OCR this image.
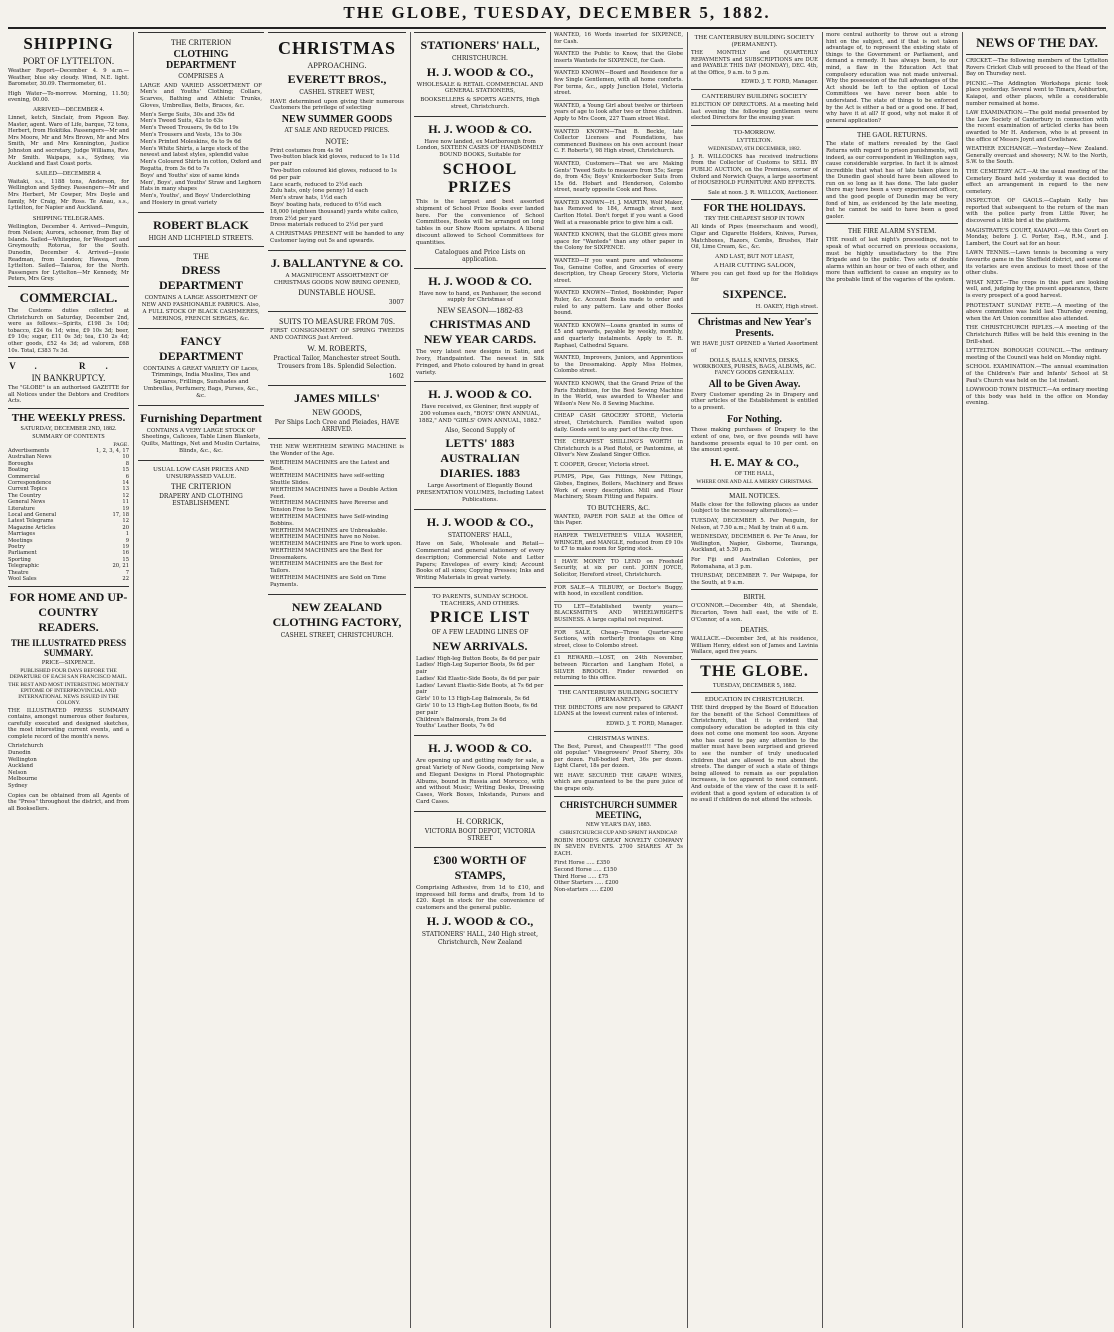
THE GLOBE, TUESDAY, DECEMBER 5, 1882.
SHIPPING
PORT OF LYTTELTON.
Weather Report—December 4. 9 a.m.—Weather, blue sky cloudy. Wind, N.E. light. Barometer, 30.09. Thermometer, 61.
High Water—To-morrow. Morning, 11.50; evening, 00.00.
ARRIVED—DECEMBER 4.
Linnet, ketch, Sinclair, from Pigeon Bay. Master, agent. Waro of Life, barque, 72 tons, Herbert, from Hokitika. Passengers—Mr and Mrs Moore, Mr and Mrs Brown, Mr and Mrs Smith, Mr and Mrs Kennington, Justice Johnston and secretary, Judge Williams, Rev. Mr Smith. Waipapa, s.s., Sydney, via Auckland and East Coast ports.
SAILED—DECEMBER 4.
Waitaki, s.s., 1188 tons, Anderson, for Wellington and Sydney. Passengers—Mr and Mrs Herbert, Mr Cowper, Mrs Doyle and family, Mr Craig, Mr Ross. Te Anau, s.s., Lyttelton, for Napier and Auckland.
SHIPPING TELEGRAMS.
Wellington, December 4. Arrived—Penguin, from Nelson; Aurora, schooner, from Bay of Islands. Sailed—Whitepine, for Westport and Greymouth; Rotorua, for the South. Dunedin, December 4. Arrived—Jessie Readman, from London; Hawea, from Lyttelton. Sailed—Taiaroa, for the North. Passengers for Lyttelton—Mr Kennedy, Mr Peters, Mrs Grey.
COMMERCIAL.
The Customs duties collected at Christchurch on Saturday, December 2nd, were as follows:—Spirits, £198 3s 10d; tobacco, £24 6s 1d; wine, £9 10s 3d; beer, £9 10s; sugar, £11 0s 3d; tea, £10 2s 4d; other goods, £52 4s 3d; ad valorem, £68 10s. Total, £383 7s 3d.
V. R.
IN BANKRUPTCY.
The "GLOBE" is an authorised GAZETTE for all Notices under the Debtors and Creditors Acts.
THE WEEKLY PRESS.
SATURDAY, DECEMBER 2ND, 1882.
SUMMARY OF CONTENTS
PAGE.
Advertisements	1, 2, 3, 4, 17
Australian News	10
Boroughs	8
Boating	15
Commercial	6
Correspondence	14
Current Topics	13
The Country	12
General News	11
Literature	19
Local and General	17, 18
Latest Telegrams	12
Magazine Articles	20
Marriages	1
Meetings	9
Poetry	19
Parliament	16
Sporting	15
Telegraphic	20, 21
Theatre	7
Wool Sales	22
FOR HOME AND UP-COUNTRY READERS.
THE ILLUSTRATED PRESS SUMMARY.
PRICE—SIXPENCE.
PUBLISHED FOUR DAYS BEFORE THE DEPARTURE OF EACH SAN FRANCISCO MAIL.
THE BEST AND MOST INTERESTING MONTHLY EPITOME OF INTERPROVINCIAL AND INTERNATIONAL NEWS ISSUED IN THE COLONY.
THE ILLUSTRATED PRESS SUMMARY contains, amongst numerous other features, carefully executed and designed sketches, the most interesting current events, and a complete record of the month's news.
Christchurch
Dunedin
Wellington
Auckland
Nelson
Melbourne
Sydney
Copies can be obtained from all Agents of the "Press" throughout the district, and from all Booksellers.
THE CRITERION
CLOTHING DEPARTMENT
COMPRISES A
LARGE AND VARIED ASSORTMENT OF Men's and Youths' Clothing; Collars, Scarves, Bathing and Athletic Trunks, Gloves, Umbrellas, Belts, Braces, &c.
Men's Serge Suits, 30s and 35s 6d
Men's Tweed Suits, 42s to 63s
Men's Tweed Trousers, 9s 6d to 19s
Men's Trousers and Vests, 15s to 30s
Men's Printed Moleskins, 6s to 9s 6d
Men's White Shirts, a large stock of the newest and latest styles, splendid value
Men's Coloured Shirts in cotton, Oxford and Regatta, from 3s 6d to 7s
Boys' and Youths' size of same kinds
Men', Boys', and Youths' Straw and Leghorn Hats in many shapes
Men's, Youths', and Boys' Underclothing and Hosiery in great variety
ROBERT BLACK
HIGH AND LICHFIELD STREETS.
THE
DRESS DEPARTMENT
CONTAINS A LARGE ASSORTMENT OF NEW AND FASHIONABLE FABRICS. Also, A FULL STOCK OF BLACK CASHMERES, MERINOS, FRENCH SERGES, &c.
FANCY DEPARTMENT
CONTAINS A GREAT VARIETY OF Laces, Trimmings, India Muslins, Ties and Squares, Frillings, Sunshades and Umbrellas, Perfumery, Bags, Purses, &c., &c.
Furnishing Department
CONTAINS A VERY LARGE STOCK OF Sheetings, Calicoes, Table Linen Blankets, Quilts, Mattings, Net and Muslin Curtains, Blinds, &c., &c.
USUAL LOW CASH PRICES AND UNSURPASSED VALUE.
THE CRITERION
DRAPERY AND CLOTHING ESTABLISHMENT.
CHRISTMAS
APPROACHING.
EVERETT BROS.,
CASHEL STREET WEST,
HAVE determined upon giving their numerous Customers the privilege of selecting
NEW SUMMER GOODS
AT SALE AND REDUCED PRICES.
NOTE:
Print costumes from 4s 9d
Two-button black kid gloves, reduced to 1s 11d per pair
Two-button coloured kid gloves, reduced to 1s 6d per pair
Lace scarfs, reduced to 2½d each
Zulu hats, only (one penny) 1d each
Men's straw hats, 1½d each
Boys' boating hats, reduced to 6½d each
18,000 (eighteen thousand) yards white calico, from 2½d per yard
Dress materials reduced to 2½d per yard
A CHRISTMAS PRESENT will be handed to any Customer laying out 5s and upwards.
J. BALLANTYNE & CO.
A MAGNIFICENT ASSORTMENT OF CHRISTMAS GOODS NOW BRING OPENED,
DUNSTABLE HOUSE.
3007
SUITS TO MEASURE FROM 70S.
FIRST CONSIGNMENT OF SPRING TWEEDS AND COATINGS Just Arrived.
W. M. ROBERTS,
Practical Tailor, Manchester street South.
Trousers from 18s. Splendid Selection.
1602
JAMES MILLS'
NEW GOODS,
Per Ships Loch Cree and Pleiades, HAVE ARRIVED.
THE NEW WERTHEIM SEWING MACHINE is the Wonder of the Age.
WERTHEIM MACHINES are the Latest and Best.
WERTHEIM MACHINES have self-setting Shuttle Slides.
WERTHEIM MACHINES have a Double Action Feed.
WERTHEIM MACHINES have Reverse and Tension Free to Sew.
WERTHEIM MACHINES have Self-winding Bobbins.
WERTHEIM MACHINES are Unbreakable.
WERTHEIM MACHINES have no Noise.
WERTHEIM MACHINES are Fine to work upon.
WERTHEIM MACHINES are the Best for Dressmakers.
WERTHEIM MACHINES are the Best for Tailors.
WERTHEIM MACHINES are Sold on Time Payments.
NEW ZEALAND CLOTHING FACTORY,
CASHEL STREET, CHRISTCHURCH.
STATIONERS' HALL,
CHRISTCHURCH.
H. J. WOOD & CO.,
WHOLESALE & RETAIL COMMERCIAL AND GENERAL STATIONERS,
BOOKSELLERS & SPORTS AGENTS, High street, Christchurch.
H. J. WOOD & CO.
Have now landed, ex Marlborough from London, SIXTEEN CASES OF HANDSOMELY BOUND BOOKS, Suitable for
SCHOOL PRIZES
This is the largest and best assorted shipment of School Prize Books ever landed here. For the convenience of School Committees, Books will be arranged on long tables in our Show Room upstairs. A liberal discount allowed to School Committees for quantities.
Catalogues and Price Lists on application.
H. J. WOOD & CO.
Have now to hand, ex Panhauer, the second supply for Christmas of
NEW SEASON—1882-83
CHRISTMAS AND NEW YEAR CARDS.
The very latest new designs in Satin, and Ivory, Handpainted. The newest in Silk Fringed, and Photo coloured by hand in great variety.
H. J. WOOD & CO.
Have received, ex Gleniner, first supply of 200 volumes each, "BOYS' OWN ANNUAL, 1882," AND "GIRLS' OWN ANNUAL, 1882."
Also, Second Supply of
LETTS' 1883 AUSTRALIAN DIARIES. 1883
Large Assortment of Elegantly Bound PRESENTATION VOLUMES, Including Latest Publications.
H. J. WOOD & CO.,
STATIONERS' HALL,
Have on Sale, Wholesale and Retail—Commercial and general stationery of every description; Commercial Note and Letter Papers; Envelopes of every kind; Account Books of all sizes; Copying Presses; Inks and Writing Materials in great variety.
TO PARENTS, SUNDAY SCHOOL TEACHERS, AND OTHERS.
PRICE LIST
OF A FEW LEADING LINES OF
NEW ARRIVALS.
Ladies' High-leg Button Boots, 8s 6d per pair
Ladies' High-Leg Superior Boots, 9s 6d per pair
Ladies' Kid Elastic-Side Boots, 8s 6d per pair
Ladies' Levant Elastic-Side Boots, at 7s 6d per pair
Girls' 10 to 13 High-Leg Balmorals, 5s 6d
Girls' 10 to 13 High-Leg Button Boots, 6s 6d per pair
Children's Balmorals, from 3s 6d
Youths' Leather Boots, 7s 6d
H. J. WOOD & CO.
Are opening up and getting ready for sale, a great Variety of New Goods, comprising New and Elegant Designs in Floral Photographic Albums, bound in Russia and Morocco, with and without Music; Writing Desks, Dressing Cases, Work Boxes, Inkstands, Purses and Card Cases.
H. CORRICK,
VICTORIA BOOT DEPOT, VICTORIA STREET
£300 WORTH OF STAMPS,
Comprising Adhesive, from 1d to £10, and impressed bill forms and drafts, from 1d to £20. Kept in stock for the convenience of customers and the general public.
H. J. WOOD & CO.,
STATIONERS' HALL, 240 High street, Christchurch, New Zealand
WANTED, 16 Words inserted for SIXPENCE, for Cash.
WANTED the Public to Know, that the Globe inserts Wanteds for SIXPENCE, for Cash.
WANTED KNOWN—Board and Residence for a few Single Gentlemen, with all home comforts. For terms, &c., apply Junction Hotel, Victoria street.
WANTED, a Young Girl about twelve or thirteen years of age to look after two or three children. Apply to Mrs Coom, 227 Tuam street West.
WANTED KNOWN—That B. Beckle, late Collector Licenses and Foundations, has commenced Business on his own account (near C. F. Roberts'), 98 High street, Christchurch.
WANTED, Customers—That we are Making Gents' Tweed Suits to measure from 55s; Serge do, from 45s; Boys' Knickerbocker Suits from 15s 6d. Hobart and Henderson, Colombo street, nearly opposite Cook and Ross.
WANTED KNOWN—H. J. MARTIN, Wolf Maker, has Removed to 184, Armagh street, next Carlton Hotel. Don't forget if you want a Good Well at a reasonable price to give him a call.
WANTED KNOWN, that the GLOBE gives more space for "Wanteds" than any other paper in the Colony for SIXPENCE.
WANTED—If you want pure and wholesome Tea, Genuine Coffee, and Groceries of every description, try Cheap Grocery Store, Victoria street.
WANTED KNOWN—Tinted, Bookbinder, Paper Ruler, &c. Account Books made to order and ruled to any pattern. Law and other Books bound.
WANTED KNOWN—Loans granted in sums of £5 and upwards, payable by weekly, monthly, and quarterly instalments. Apply to E. R. Raphael, Cathedral Square.
WANTED, Improvers, Juniors, and Apprentices to the Dressmaking. Apply Miss Holmes, Colombo street.
WANTED KNOWN, that the Grand Prize of the Paris Exhibition, for the Best Sewing Machine in the World, was awarded to Wheeler and Wilson's New No. 8 Sewing Machine.
CHEAP CASH GROCERY STORE, Victoria street, Christchurch. Families waited upon daily. Goods sent to any part of the city free.
THE CHEAPEST SHILLING'S WORTH in Christchurch is a Pied Rotol, or Pantomime, at Oliver's New Zealand Singer Office.
T. COOPER, Grocer, Victoria street.
PUMPS, Pipe, Gas Fittings, New Fittings, Globes, Engines, Boilers, Machinery and Brass Work of every description. Mill and Flour Machinery, Steam Fitting and Repairs.
TO BUTCHERS, &C.
WANTED, PAPER FOR SALE at the Office of this Paper.
HARPER TWELVETREE'S VILLA WASHER, WRINGER, and MANGLE, reduced from £9 10s to £7 to make room for Spring stock.
I HAVE MONEY TO LEND on Freehold Security, at six per cent. JOHN JOYCE, Solicitor, Hereford street, Christchurch.
FOR SALE—A TILBURY, or Doctor's Buggy, with hood, in excellent condition.
TO LET—Established twenty years—BLACKSMITH'S AND WHEELWRIGHT'S BUSINESS. A large capital not required.
FOR SALE, Cheap—Three Quarter-acre Sections, with northerly frontages on King street, close to Colombo street.
£1 REWARD.—LOST, on 24th November, between Riccarton and Langham Hotel, a SILVER BROOCH. Finder rewarded on returning to this office.
THE CANTERBURY BUILDING SOCIETY (PERMANENT).
THE DIRECTORS are now prepared to GRANT LOANS at the lowest current rates of interest.
EDWD. J. T. FORD, Manager.
CHRISTMAS WINES.
The Best, Purest, and Cheapest!!! "The good old popular." Vinegrowers' Proof Sherry, 30s per dozen. Full-bodied Port, 36s per dozen. Light Claret, 18s per dozen.
WE HAVE SECURED THE GRAPE WINES, which are guaranteed to be the pure juice of the grape only.
CHRISTCHURCH SUMMER MEETING,
NEW YEAR'S DAY, 1883.
CHRISTCHURCH CUP AND SPRINT HANDICAP.
ROBIN HOOD'S GREAT NOVELTY COMPANY IN SEVEN EVENTS. 2700 SHARES AT 5s EACH.
First Horse ..... £350
Second Horse ..... £150
Third Horse ..... £75
Other Starters ..... £200
Non-starters ..... £200
THE CANTERBURY BUILDING SOCIETY (PERMANENT).
THE MONTHLY and QUARTERLY REPAYMENTS and SUBSCRIPTIONS are DUE and PAYABLE THIS DAY (MONDAY), DEC. 4th, at the Office, 9 a.m. to 5 p.m.
EDWD. J. T. FORD, Manager.
CANTERBURY BUILDING SOCIETY
ELECTION OF DIRECTORS. At a meeting held last evening the following gentlemen were elected Directors for the ensuing year.
TO-MORROW.
LYTTELTON.
WEDNESDAY, 6TH DECEMBER, 1882.
J. R. WILLCOCKS has received instructions from the Collector of Customs to SELL BY PUBLIC AUCTION, on the Premises, corner of Oxford and Norwich Quays, a large assortment of HOUSEHOLD FURNITURE AND EFFECTS.
Sale at noon. J. R. WILLCOX, Auctioneer.
FOR THE HOLIDAYS.
TRY THE CHEAPEST SHOP IN TOWN
All kinds of Pipes (meerschaum and wood), Cigar and Cigarette Holders, Knives, Purses, Matchboxes, Razors, Combs, Brushes, Hair Oil, Lime Cream, &c., &c.
AND LAST, BUT NOT LEAST,
A HAIR CUTTING SALOON,
Where you can get fixed up for the Holidays for
SIXPENCE.
H. OAKEY, High street.
Christmas and New Year's Presents.
WE HAVE JUST OPENED a Varied Assortment of
DOLLS, BALLS, KNIVES, DESKS, WORKBOXES, PURSES, BAGS, ALBUMS, &C. FANCY GOODS GENERALLY.
All to be Given Away.
Every Customer spending 2s in Drapery and other articles of the Establishment is entitled to a present.
For Nothing.
Those making purchases of Drapery to the extent of one, two, or five pounds will have handsome presents equal to 10 per cent. on the amount spent.
H. E. MAY & CO.,
OF THE HALL,
WHERE ONE AND ALL A MERRY CHRISTMAS.
MAIL NOTICES.
Mails close for the following places as under (subject to the necessary alterations):—
TUESDAY, DECEMBER 5. Per Penguin, for Nelson, at 7.50 a.m.; Mail by train at 6 a.m.
WEDNESDAY, DECEMBER 6. Per Te Anau, for Wellington, Napier, Gisborne, Tauranga, Auckland, at 5.30 p.m.
For Fiji and Australian Colonies, per Rotomahana, at 3 p.m.
THURSDAY, DECEMBER 7. Per Waipapa, for the South, at 9 a.m.
BIRTH.
O'CONNOR.—December 4th, at Shendale, Riccarton, Town hall east, the wife of E. O'Connor, of a son.
DEATHS.
WALLACE.—December 3rd, at his residence, William Henry, eldest son of James and Lavinia Wallace, aged five years.
THE GLOBE.
TUESDAY, DECEMBER 5, 1882.
EDUCATION IN CHRISTCHURCH.
THE third dropped by the Board of Education for the benefit of the School Committees of Christchurch, that it is evident that compulsory education be adopted in this city does not come one moment too soon. Anyone who has cared to pay any attention to the matter must have been surprised and grieved to see the number of truly uneducated children that are allowed to run about the streets. The danger of such a state of things being allowed to remain as our population increases, is too apparent to need comment. And outside of the view of the case it is self-evident that a good system of education is of no avail if children do not attend the schools.
more central authority to throw out a strong hint on the subject, and if that is not taken advantage of, to represent the existing state of things to the Government or Parliament, and demand a remedy. It has always been, to our mind, a flaw in the Education Act that compulsory education was not made universal. Why the possession of the full advantages of the Act should be left to the option of Local Committees we have never been able to understand. The state of things to be enforced by the Act is either a bad or a good one. If bad, why have it at all? If good, why not make it of general application?
THE GAOL RETURNS.
The state of matters revealed by the Gaol Returns with regard to prison punishments, will indeed, as our correspondent in Wellington says, cause considerable surprise. In fact it is almost incredible that what has of late taken place in the Dunedin gaol should have been allowed to run on so long as it has done. The late gaoler there may have been a very experienced officer, and the good people of Dunedin may be very fond of him, as evidenced by the late meeting, but he cannot be said to have been a good gaoler.
THE FIRE ALARM SYSTEM.
THE result of last night's proceedings, not to speak of what occurred on previous occasions, must be highly unsatisfactory to the Fire Brigade and to the public. Two sets of double alarms within an hour or two of each other, and more than sufficient to cause an enquiry as to the probable limit of the vagaries of the system.
NEWS OF THE DAY.
CRICKET.—The following members of the Lyttelton Rovers Cricket Club will proceed to the Head of the Bay on Thursday next.
PICNIC.—The Addington Workshops picnic took place yesterday. Several went to Timaru, Ashburton, Kaiapoi, and other places, while a considerable number remained at home.
LAW EXAMINATION.—The gold medal presented by the Law Society of Canterbury in connection with the recent examination of articled clerks has been awarded to Mr H. Anderson, who is at present in the office of Messrs Joynt and Cowlishaw.
WEATHER EXCHANGE.—Yesterday—New Zealand. Generally overcast and showery; N.W. to the North, S.W. to the South.
THE CEMETERY ACT.—At the usual meeting of the Cemetery Board held yesterday it was decided to effect an arrangement in regard to the new cemetery.
INSPECTOR OF GAOLS.—Captain Kelly has reported that subsequent to the return of the man with the police party from Little River, he discovered a little bird at the platform.
MAGISTRATE'S COURT, KAIAPOI.—At this Court on Monday, before J. C. Porter, Esq., R.M., and J. Lambert, the Court sat for an hour.
LAWN TENNIS.—Lawn tennis is becoming a very favourite game in the Sheffield district, and some of its votaries are even anxious to meet those of the other clubs.
WHAT NEXT.—The crops in this part are looking well, and, judging by the present appearance, there is every prospect of a good harvest.
PROTESTANT SUNDAY FETE.—A meeting of the above committee was held last Thursday evening, when the Art Union committee also attended.
THE CHRISTCHURCH RIFLES.—A meeting of the Christchurch Rifles will be held this evening in the Drill-shed.
LYTTELTON BOROUGH COUNCIL.—The ordinary meeting of the Council was held on Monday night.
SCHOOL EXAMINATION.—The annual examination of the Children's Fair and Infants' School at St Paul's Church was held on the 1st instant.
LOWWOOD TOWN DISTRICT.—An ordinary meeting of this body was held in the office on Monday evening.
